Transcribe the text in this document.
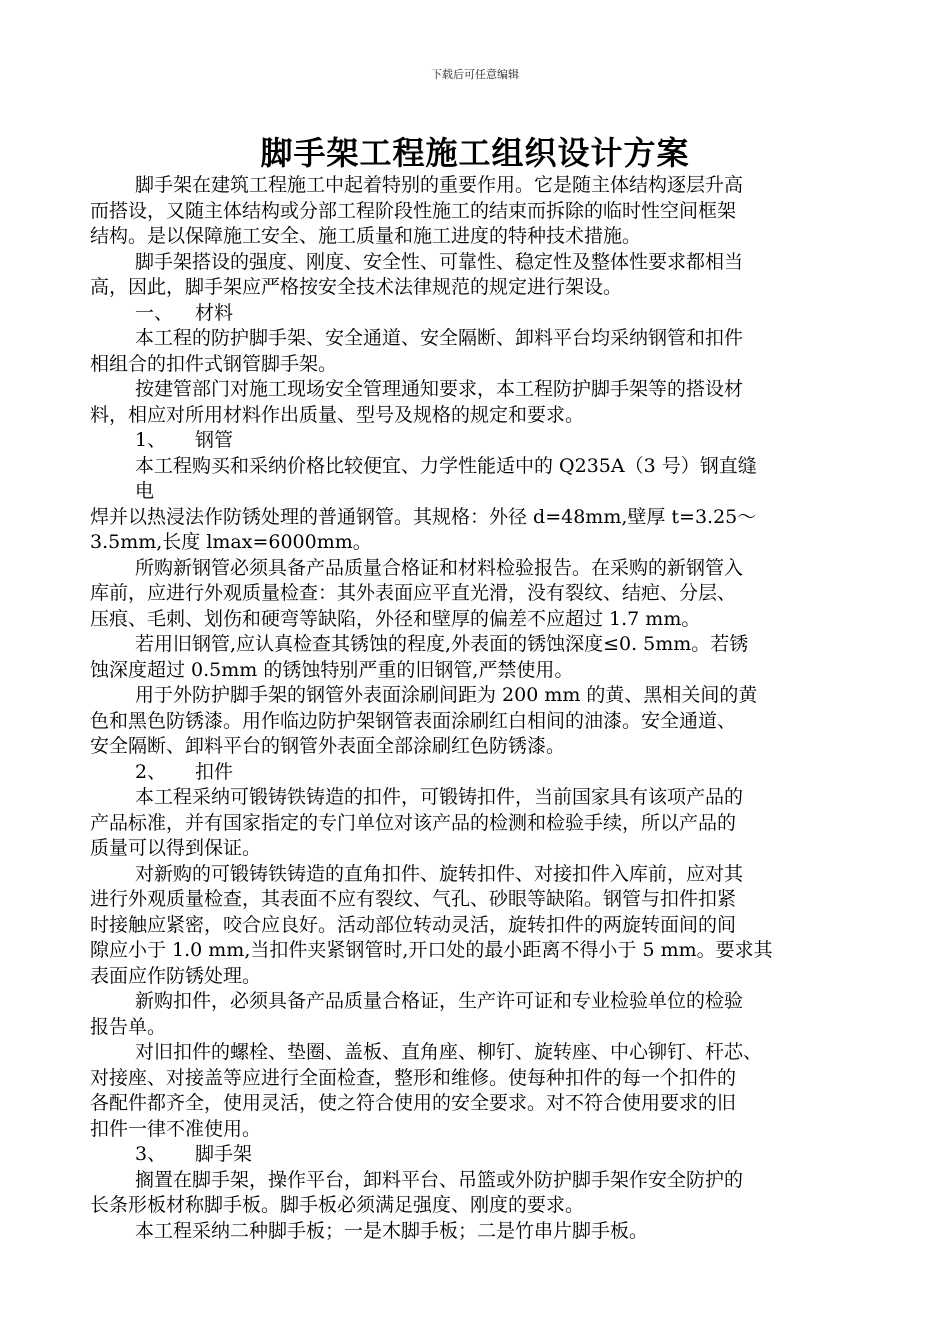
下载后可任意编辑
脚手架工程施工组织设计方案
脚手架在建筑工程施工中起着特别的重要作用。它是随主体结构逐层升高
而搭设，又随主体结构或分部工程阶段性施工的结束而拆除的临时性空间框架
结构。是以保障施工安全、施工质量和施工进度的特种技术措施。
脚手架搭设的强度、刚度、安全性、可靠性、稳定性及整体性要求都相当
高，因此，脚手架应严格按安全技术法律规范的规定进行架设。
一、 材料
本工程的防护脚手架、安全通道、安全隔断、卸料平台均采纳钢管和扣件
相组合的扣件式钢管脚手架。
按建管部门对施工现场安全管理通知要求，本工程防护脚手架等的搭设材
料，相应对所用材料作出质量、型号及规格的规定和要求。
1、 钢管
本工程购买和采纳价格比较便宜、力学性能适中的 Q235A（3 号）钢直缝
电
焊并以热浸法作防锈处理的普通钢管。其规格：外径 d=48mm,壁厚 t=3.25～
3.5mm,长度 lmax=6000mm。
所购新钢管必须具备产品质量合格证和材料检验报告。在采购的新钢管入
库前，应进行外观质量检查：其外表面应平直光滑，没有裂纹、结疤、分层、
压痕、毛刺、划伤和硬弯等缺陷，外径和壁厚的偏差不应超过 1.7 mm。
若用旧钢管,应认真检查其锈蚀的程度,外表面的锈蚀深度≤0. 5mm。若锈
蚀深度超过 0.5mm 的锈蚀特别严重的旧钢管,严禁使用。
用于外防护脚手架的钢管外表面涂刷间距为 200 mm 的黄、黑相关间的黄
色和黑色防锈漆。用作临边防护架钢管表面涂刷红白相间的油漆。安全通道、
安全隔断、卸料平台的钢管外表面全部涂刷红色防锈漆。
2、 扣件
本工程采纳可锻铸铁铸造的扣件，可锻铸扣件，当前国家具有该项产品的
产品标准，并有国家指定的专门单位对该产品的检测和检验手续，所以产品的
质量可以得到保证。
对新购的可锻铸铁铸造的直角扣件、旋转扣件、对接扣件入库前，应对其
进行外观质量检查，其表面不应有裂纹、气孔、砂眼等缺陷。钢管与扣件扣紧
时接触应紧密，咬合应良好。活动部位转动灵活，旋转扣件的两旋转面间的间
隙应小于 1.0 mm,当扣件夹紧钢管时,开口处的最小距离不得小于 5 mm。要求其
表面应作防锈处理。
新购扣件，必须具备产品质量合格证，生产许可证和专业检验单位的检验
报告单。
对旧扣件的螺栓、垫圈、盖板、直角座、柳钉、旋转座、中心铆钉、杆芯、
对接座、对接盖等应进行全面检查，整形和维修。使每种扣件的每一个扣件的
各配件都齐全，使用灵活，使之符合使用的安全要求。对不符合使用要求的旧
扣件一律不准使用。
3、 脚手架
搁置在脚手架，操作平台，卸料平台、吊篮或外防护脚手架作安全防护的
长条形板材称脚手板。脚手板必须满足强度、刚度的要求。
本工程采纳二种脚手板；一是木脚手板；二是竹串片脚手板。
